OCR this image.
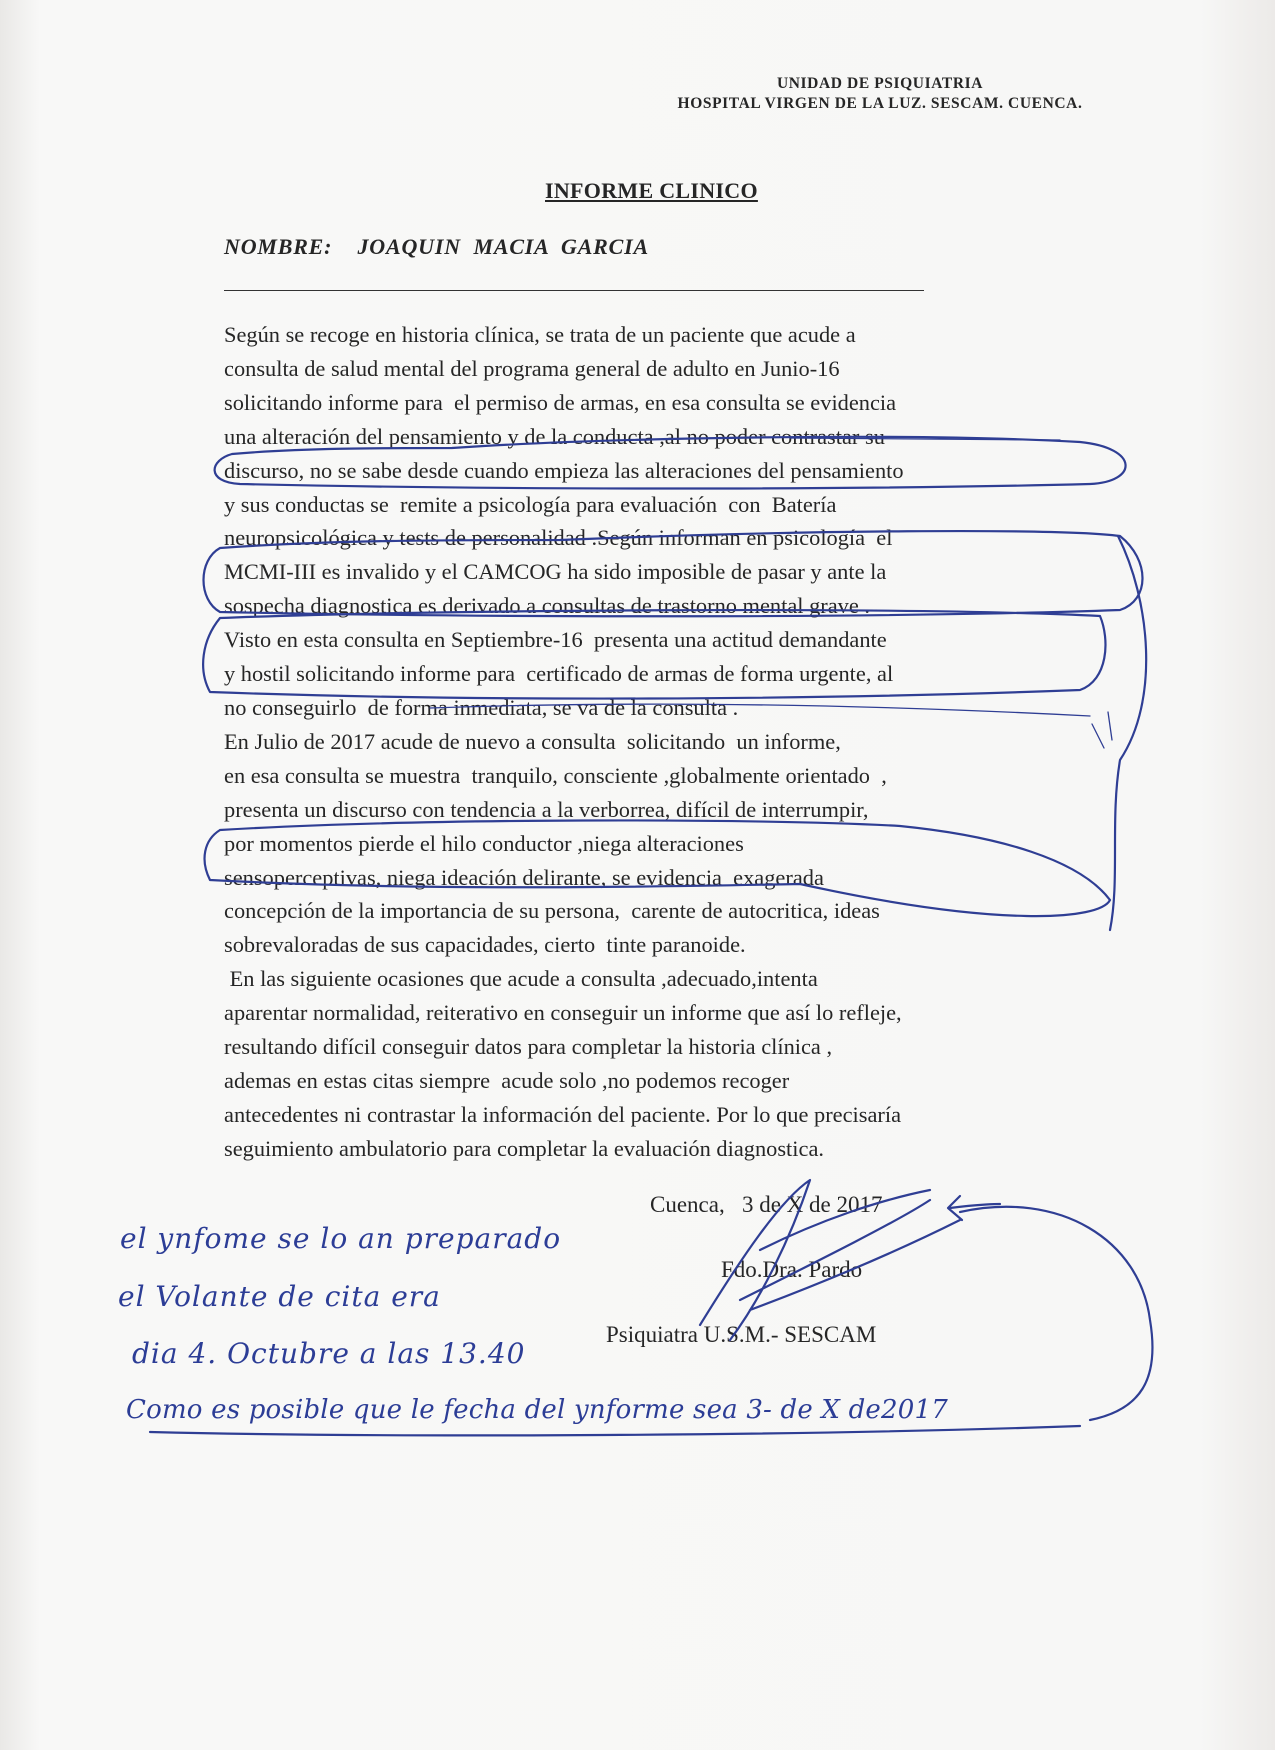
UNIDAD DE PSIQUIATRIA
HOSPITAL VIRGEN DE LA LUZ. SESCAM. CUENCA.
INFORME CLINICO
NOMBRE: JOAQUIN  MACIA  GARCIA
Según se recoge en historia clínica, se trata de un paciente que acude a
consulta de salud mental del programa general de adulto en Junio-16
solicitando informe para  el permiso de armas, en esa consulta se evidencia
una alteración del pensamiento y de la conducta ,al no poder contrastar su
discurso, no se sabe desde cuando empieza las alteraciones del pensamiento
y sus conductas se  remite a psicología para evaluación  con  Batería
neuropsicológica y tests de personalidad .Según informan en psicología  el
MCMI-III es invalido y el CAMCOG ha sido imposible de pasar y ante la
sospecha diagnostica es derivado a consultas de trastorno mental grave .
Visto en esta consulta en Septiembre-16  presenta una actitud demandante
y hostil solicitando informe para  certificado de armas de forma urgente, al
no conseguirlo  de forma inmediata, se va de la consulta .
En Julio de 2017 acude de nuevo a consulta  solicitando  un informe,
en esa consulta se muestra  tranquilo, consciente ,globalmente orientado  ,
presenta un discurso con tendencia a la verborrea, difícil de interrumpir,
por momentos pierde el hilo conductor ,niega alteraciones
sensoperceptivas, niega ideación delirante, se evidencia  exagerada
concepción de la importancia de su persona,  carente de autocritica, ideas
sobrevaloradas de sus capacidades, cierto  tinte paranoide.
En las siguiente ocasiones que acude a consulta ,adecuado,intenta
aparentar normalidad, reiterativo en conseguir un informe que así lo refleje,
resultando difícil conseguir datos para completar la historia clínica ,
ademas en estas citas siempre  acude solo ,no podemos recoger
antecedentes ni contrastar la información del paciente. Por lo que precisaría
seguimiento ambulatorio para completar la evaluación diagnostica.
Cuenca,   3 de X de 2017
Fdo.Dra. Pardo
Psiquiatra U.S.M.- SESCAM
el ynfome se lo an preparado
el Volante de cita era
dia 4. Octubre a las 13.40
Como es posible que le fecha del ynforme sea 3- de X de2017
